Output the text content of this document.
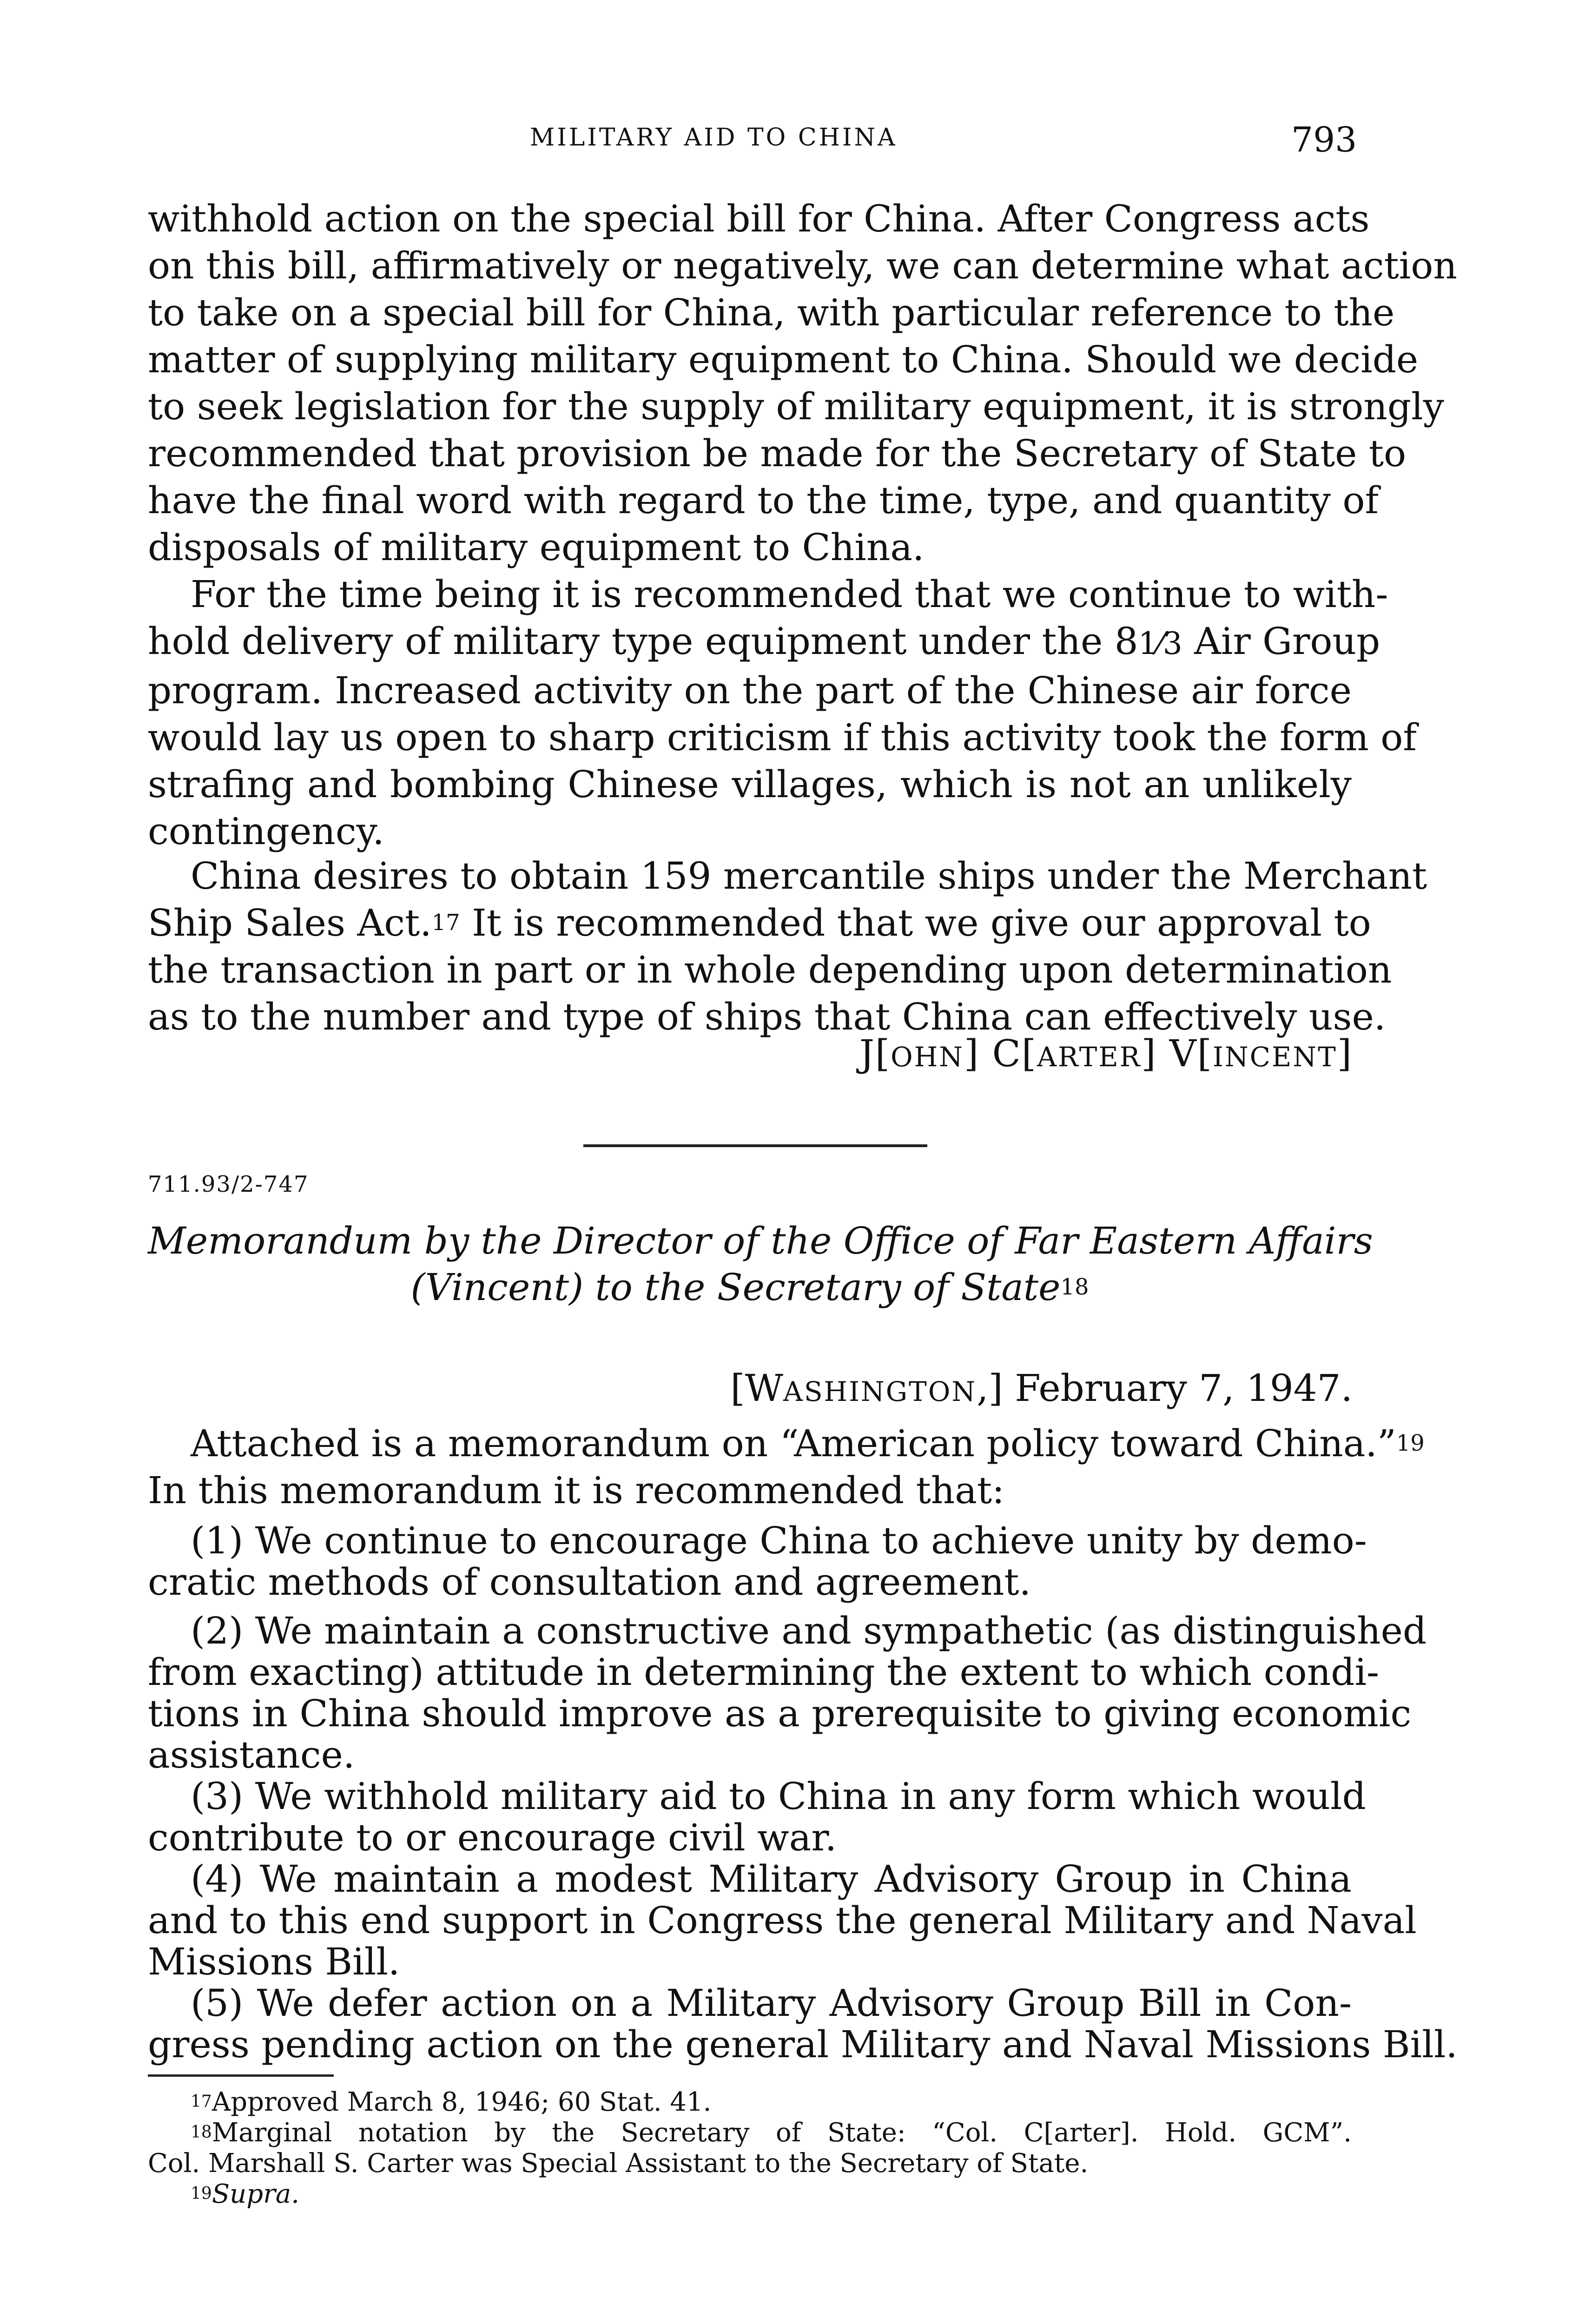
MILITARY AID TO CHINA	793
withhold action on the special bill for China. After Congress acts
on this bill, affirmatively or negatively, we can determine what action
to take on a special bill for China, with particular reference to the
matter of supplying military equipment to China. Should we decide
to seek legislation for the supply of military equipment, it is strongly
recommended that provision be made for the Secretary of State to
have the final word with regard to the time, type, and quantity of
disposals of military equipment to China.
For the time being it is recommended that we continue to with-
hold delivery of military type equipment under the 81⁄3 Air Group
program. Increased activity on the part of the Chinese air force
would lay us open to sharp criticism if this activity took the form of
strafing and bombing Chinese villages, which is not an unlikely
contingency.
China desires to obtain 159 mercantile ships under the Merchant
Ship Sales Act.$^{17}$ It is recommended that we give our approval to
the transaction in part or in whole depending upon determination
as to the number and type of ships that China can effectively use.
J[OHN] C[ARTER] V[INCENT]
711.93/2-747
Memorandum by the Director of the Office of Far Eastern Affairs
(Vincent) to the Secretary of State$^{18}$
[WASHINGTON,] February 7, 1947.
Attached is a memorandum on “American policy toward China.”$^{19}$
In this memorandum it is recommended that:
(1) We continue to encourage China to achieve unity by demo-
cratic methods of consultation and agreement.
(2) We maintain a constructive and sympathetic (as distinguished
from exacting) attitude in determining the extent to which condi-
tions in China should improve as a prerequisite to giving economic
assistance.
(3) We withhold military aid to China in any form which would
contribute to or encourage civil war.
(4) We maintain a modest Military Advisory Group in China
and to this end support in Congress the general Military and Naval
Missions Bill.
(5) We defer action on a Military Advisory Group Bill in Con-
gress pending action on the general Military and Naval Missions Bill.
$^{17}$Approved March 8, 1946; 60 Stat. 41.
$^{18}$Marginal notation by the Secretary of State: “Col. C[arter]. Hold. GCM”.
Col. Marshall S. Carter was Special Assistant to the Secretary of State.
$^{19}$Supra.
